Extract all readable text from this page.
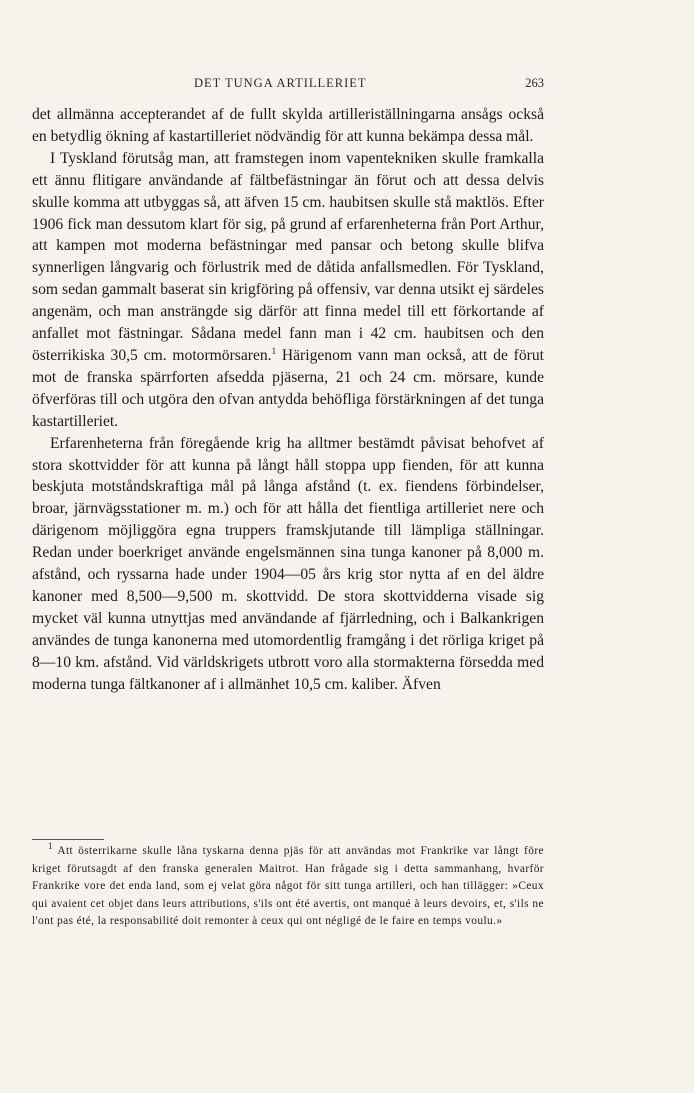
DET TUNGA ARTILLERIET	263

det allmänna accepterandet af de fullt skylda artilleriställningarna ansågs också en betydlig ökning af kastartilleriet nödvändig för att kunna bekämpa dessa mål.

I Tyskland förutsåg man, att framstegen inom vapentekniken skulle framkalla ett ännu flitigare användande af fältbefästningar än förut och att dessa delvis skulle komma att utbyggas så, att äfven 15 cm. haubitsen skulle stå maktlös. Efter 1906 fick man dessutom klart för sig, på grund af erfarenheterna från Port Arthur, att kampen mot moderna befästningar med pansar och betong skulle blifva synnerligen långvarig och förlustrik med de dåtida anfallsmedlen. För Tyskland, som sedan gammalt baserat sin krigföring på offensiv, var denna utsikt ej särdeles angenäm, och man ansträngde sig därför att finna medel till ett förkortande af anfallet mot fästningar. Sådana medel fann man i 42 cm. haubitsen och den österrikiska 30,5 cm. motormörsaren.$^1$ Härigenom vann man också, att de förut mot de franska spärrforten afsedda pjäserna, 21 och 24 cm. mörsare, kunde öfverföras till och utgöra den ofvan antydda behöfliga förstärkningen af det tunga kastartilleriet.

Erfarenheterna från föregående krig ha alltmer bestämdt påvisat behofvet af stora skottvidder för att kunna på långt håll stoppa upp fienden, för att kunna beskjuta motståndskraftiga mål på långa afstånd (t. ex. fiendens förbindelser, broar, järnvägsstationer m. m.) och för att hålla det fientliga artilleriet nere och därigenom möjliggöra egna truppers framskjutande till lämpliga ställningar. Redan under boerkriget använde engelsmännen sina tunga kanoner på 8,000 m. afstånd, och ryssarna hade under 1904—05 års krig stor nytta af en del äldre kanoner med 8,500—9,500 m. skottvidd. De stora skottvidderna visade sig mycket väl kunna utnyttjas med användande af fjärrledning, och i Balkankrigen användes de tunga kanonerna med utomordentlig framgång i det rörliga kriget på 8—10 km. afstånd. Vid världskrigets utbrott voro alla stormakterna försedda med moderna tunga fältkanoner af i allmänhet 10,5 cm. kaliber. Äfven

$^1$ Att österrikarne skulle låna tyskarna denna pjäs för att användas mot Frankrike var långt före kriget förutsagdt af den franska generalen Maitrot. Han frågade sig i detta sammanhang, hvarför Frankrike vore det enda land, som ej velat göra något för sitt tunga artilleri, och han tillägger: »Ceux qui avaient cet objet dans leurs attributions, s'ils ont été avertis, ont manqué à leurs devoirs, et, s'ils ne l'ont pas été, la responsabilité doit remonter à ceux qui ont négligé de le faire en temps voulu.»
